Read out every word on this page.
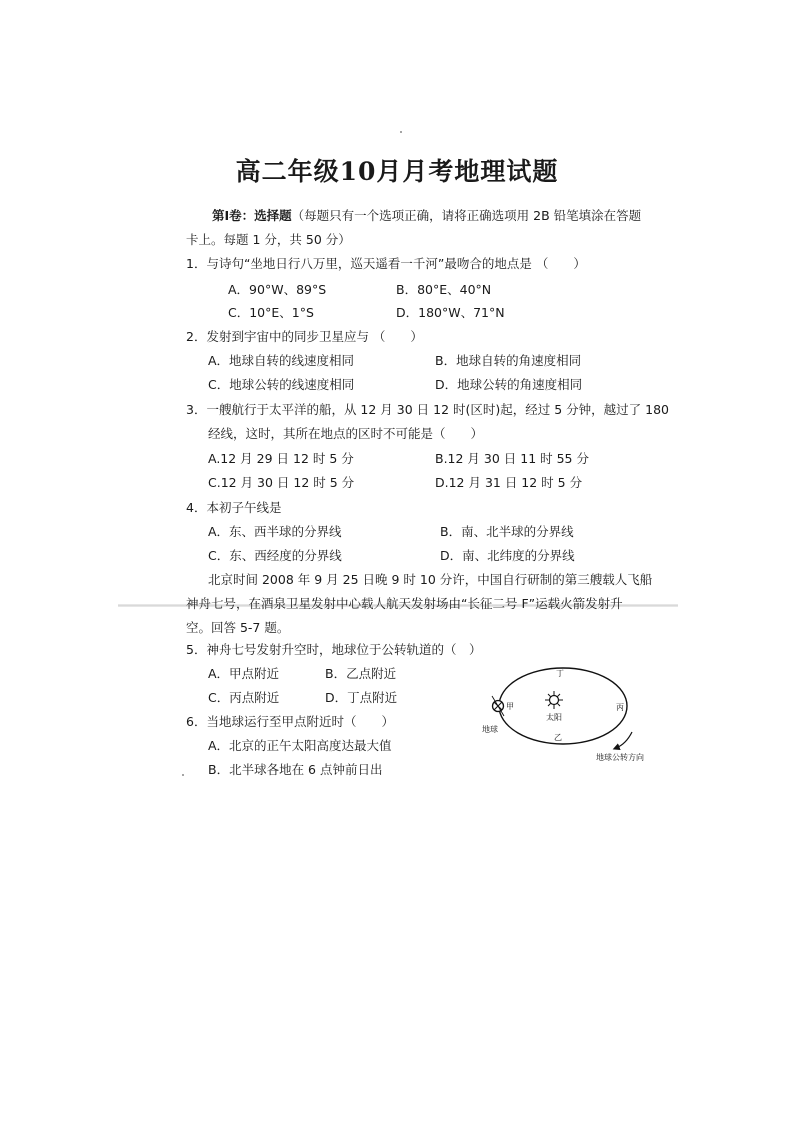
高二年级10月月考地理试题
第Ⅰ卷：选择题（每题只有一个选项正确，请将正确选项用 2B 铅笔填涂在答题
卡上。每题 1 分，共 50 分）
1．与诗句“坐地日行八万里，巡天遥看一千河”最吻合的地点是 （　　）
A．90°W、89°S	B．80°E、40°N
C．10°E、1°S	D．180°W、71°N
2．发射到宇宙中的同步卫星应与 （　　）
A．地球自转的线速度相同	B．地球自转的角速度相同
C．地球公转的线速度相同	D．地球公转的角速度相同
3．一艘航行于太平洋的船，从 12 月 30 日 12 时(区时)起，经过 5 分钟，越过了 180
经线，这时，其所在地点的区时不可能是（　　）
A.12 月 29 日 12 时 5 分	B.12 月 30 日 11 时 55 分
C.12 月 30 日 12 时 5 分	D.12 月 31 日 12 时 5 分
4．本初子午线是
A．东、西半球的分界线	B．南、北半球的分界线
C．东、西经度的分界线	D．南、北纬度的分界线
北京时间 2008 年 9 月 25 日晚 9 时 10 分许，中国自行研制的第三艘载人飞船
神舟七号，在酒泉卫星发射中心载人航天发射场由“长征二号 F”运载火箭发射升
空。回答 5-7 题。
5．神舟七号发射升空时，地球位于公转轨道的（　）
A．甲点附近	B．乙点附近
C．丙点附近	D．丁点附近
6．当地球运行至甲点附近时（　　）
A．北京的正午太阳高度达最大值
B．北半球各地在 6 点钟前日出
太阳
甲
地球
丁
丙
乙
地球公转方向
